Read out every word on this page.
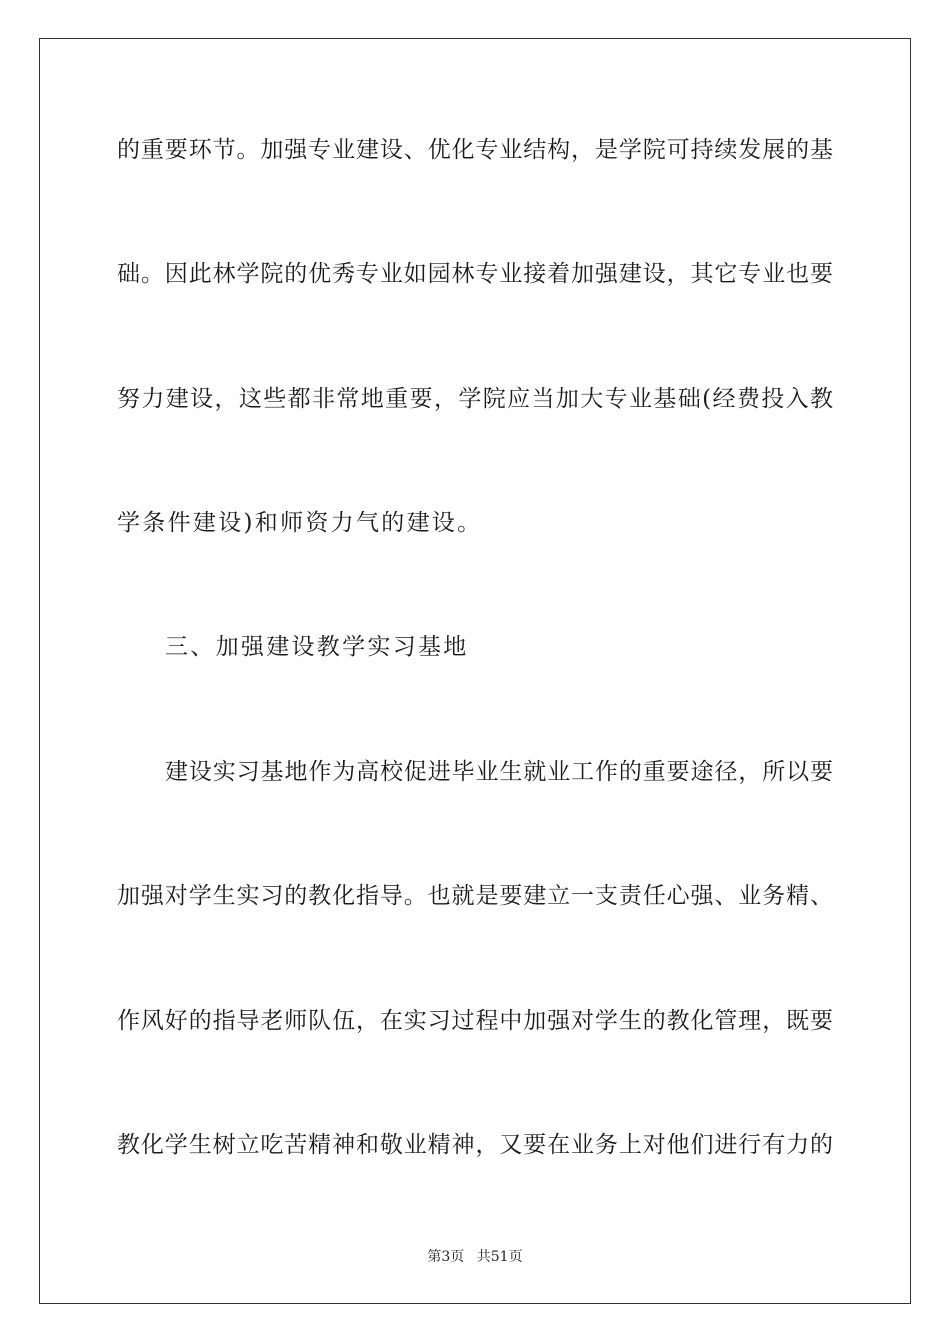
的重要环节。加强专业建设、优化专业结构，是学院可持续发展的基
础。因此林学院的优秀专业如园林专业接着加强建设，其它专业也要
努力建设，这些都非常地重要，学院应当加大专业基础(经费投入教
学条件建设)和师资力气的建设。
三、加强建设教学实习基地
建设实习基地作为高校促进毕业生就业工作的重要途径，所以要
加强对学生实习的教化指导。也就是要建立一支责任心强、业务精、
作风好的指导老师队伍，在实习过程中加强对学生的教化管理，既要
教化学生树立吃苦精神和敬业精神，又要在业务上对他们进行有力的
第3页 共51页
